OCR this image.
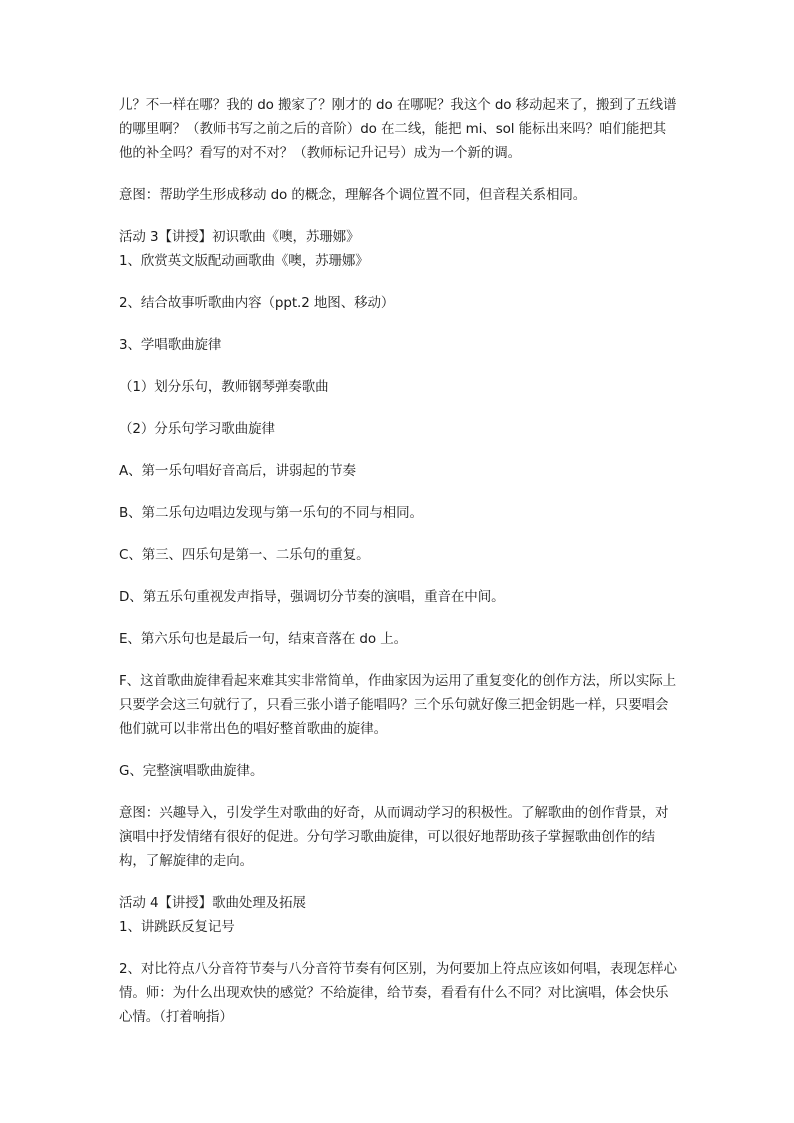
儿？不一样在哪？我的 do 搬家了？刚才的 do 在哪呢？我这个 do 移动起来了，搬到了五线谱的哪里啊？（教师书写之前之后的音阶）do 在二线，能把 mi、sol 能标出来吗？咱们能把其他的补全吗？看写的对不对？（教师标记升记号）成为一个新的调。

意图：帮助学生形成移动 do 的概念，理解各个调位置不同，但音程关系相同。

活动 3【讲授】初识歌曲《噢，苏珊娜》

1、欣赏英文版配动画歌曲《噢，苏珊娜》

2、结合故事听歌曲内容（ppt.2 地图、移动）

3、学唱歌曲旋律

（1）划分乐句，教师钢琴弹奏歌曲

（2）分乐句学习歌曲旋律

A、第一乐句唱好音高后，讲弱起的节奏

B、第二乐句边唱边发现与第一乐句的不同与相同。

C、第三、四乐句是第一、二乐句的重复。

D、第五乐句重视发声指导，强调切分节奏的演唱，重音在中间。

E、第六乐句也是最后一句，结束音落在 do 上。

F、这首歌曲旋律看起来难其实非常简单，作曲家因为运用了重复变化的创作方法，所以实际上只要学会这三句就行了，只看三张小谱子能唱吗？三个乐句就好像三把金钥匙一样，只要唱会他们就可以非常出色的唱好整首歌曲的旋律。

G、完整演唱歌曲旋律。

意图：兴趣导入，引发学生对歌曲的好奇，从而调动学习的积极性。了解歌曲的创作背景，对演唱中抒发情绪有很好的促进。分句学习歌曲旋律，可以很好地帮助孩子掌握歌曲创作的结构，了解旋律的走向。

活动 4【讲授】歌曲处理及拓展

1、讲跳跃反复记号

2、对比符点八分音符节奏与八分音符节奏有何区别，为何要加上符点应该如何唱，表现怎样心情。师：为什么出现欢快的感觉？不给旋律，给节奏，看看有什么不同？对比演唱，体会快乐心情。（打着响指）
